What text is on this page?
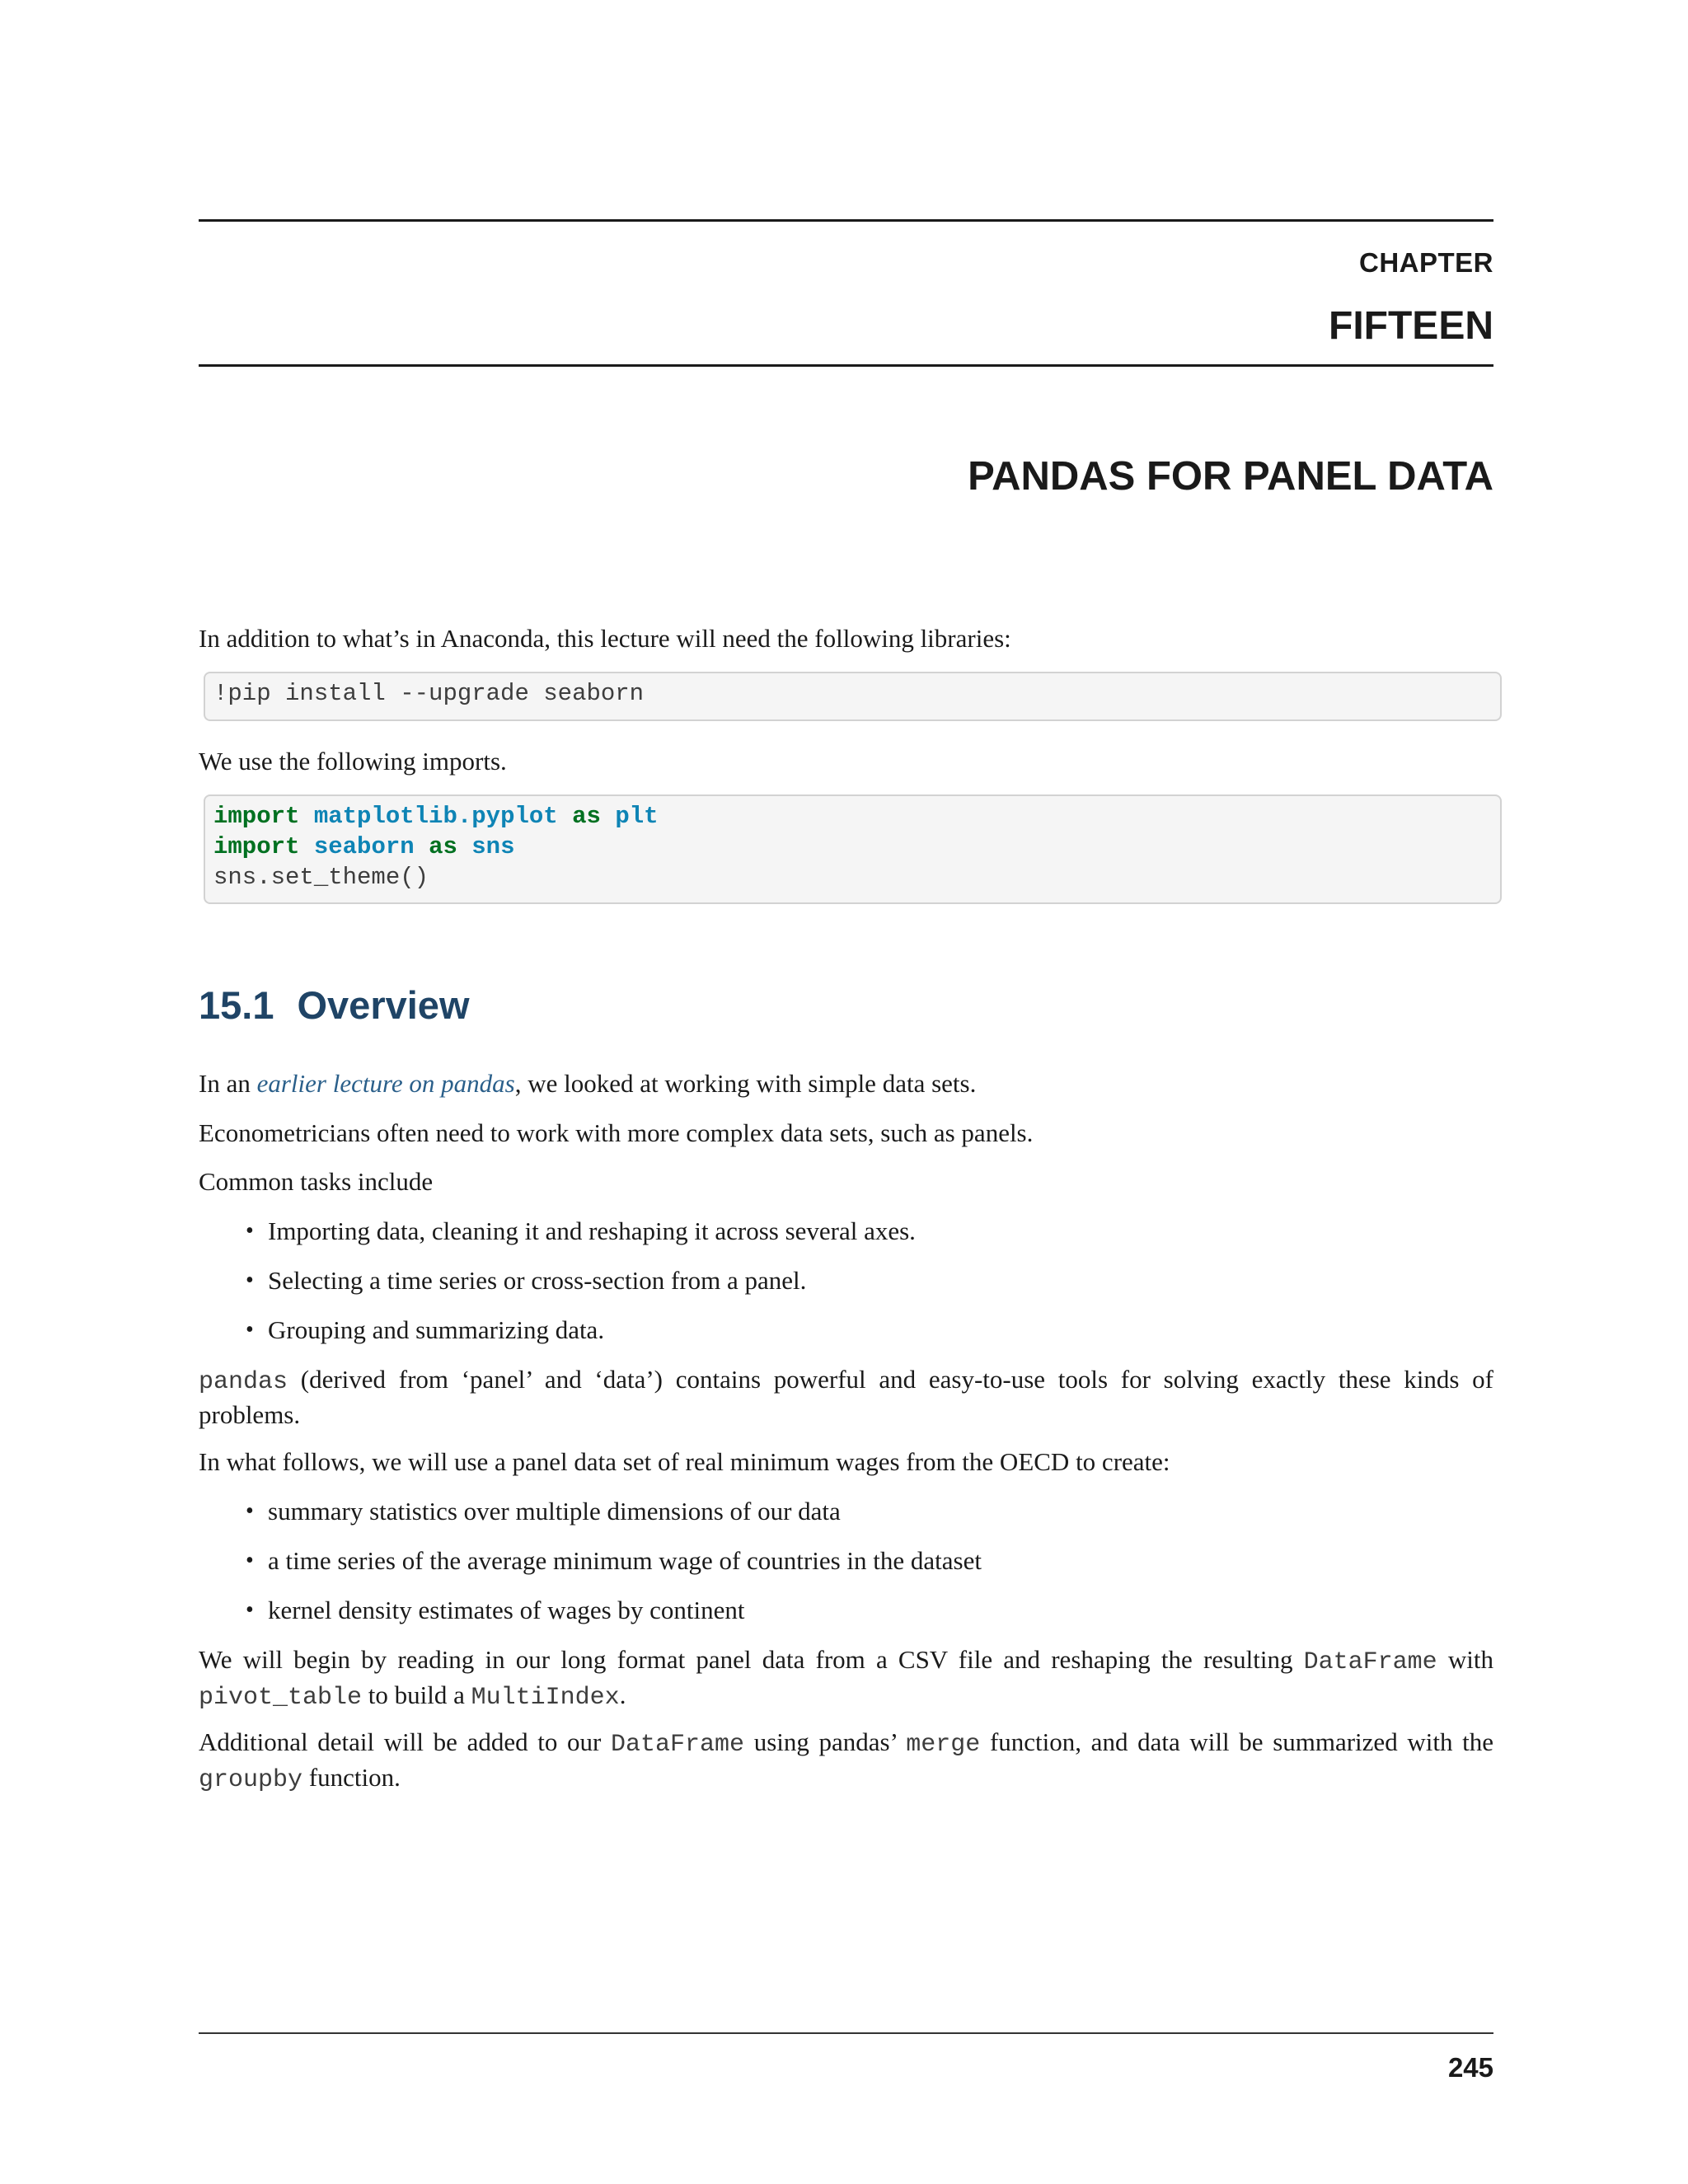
CHAPTER
FIFTEEN
PANDAS FOR PANEL DATA

In addition to what’s in Anaconda, this lecture will need the following libraries:

!pip install --upgrade seaborn

We use the following imports.

import matplotlib.pyplot as plt
import seaborn as sns
sns.set_theme()
15.1 Overview

In an earlier lecture on pandas, we looked at working with simple data sets.

Econometricians often need to work with more complex data sets, such as panels.

Common tasks include

• Importing data, cleaning it and reshaping it across several axes.
• Selecting a time series or cross-section from a panel.
• Grouping and summarizing data.

pandas (derived from ‘panel’ and ‘data’) contains powerful and easy-to-use tools for solving exactly these kinds of problems.

In what follows, we will use a panel data set of real minimum wages from the OECD to create:

• summary statistics over multiple dimensions of our data
• a time series of the average minimum wage of countries in the dataset
• kernel density estimates of wages by continent

We will begin by reading in our long format panel data from a CSV file and reshaping the resulting DataFrame with pivot_table to build a MultiIndex.

Additional detail will be added to our DataFrame using pandas’ merge function, and data will be summarized with the groupby function.

245
